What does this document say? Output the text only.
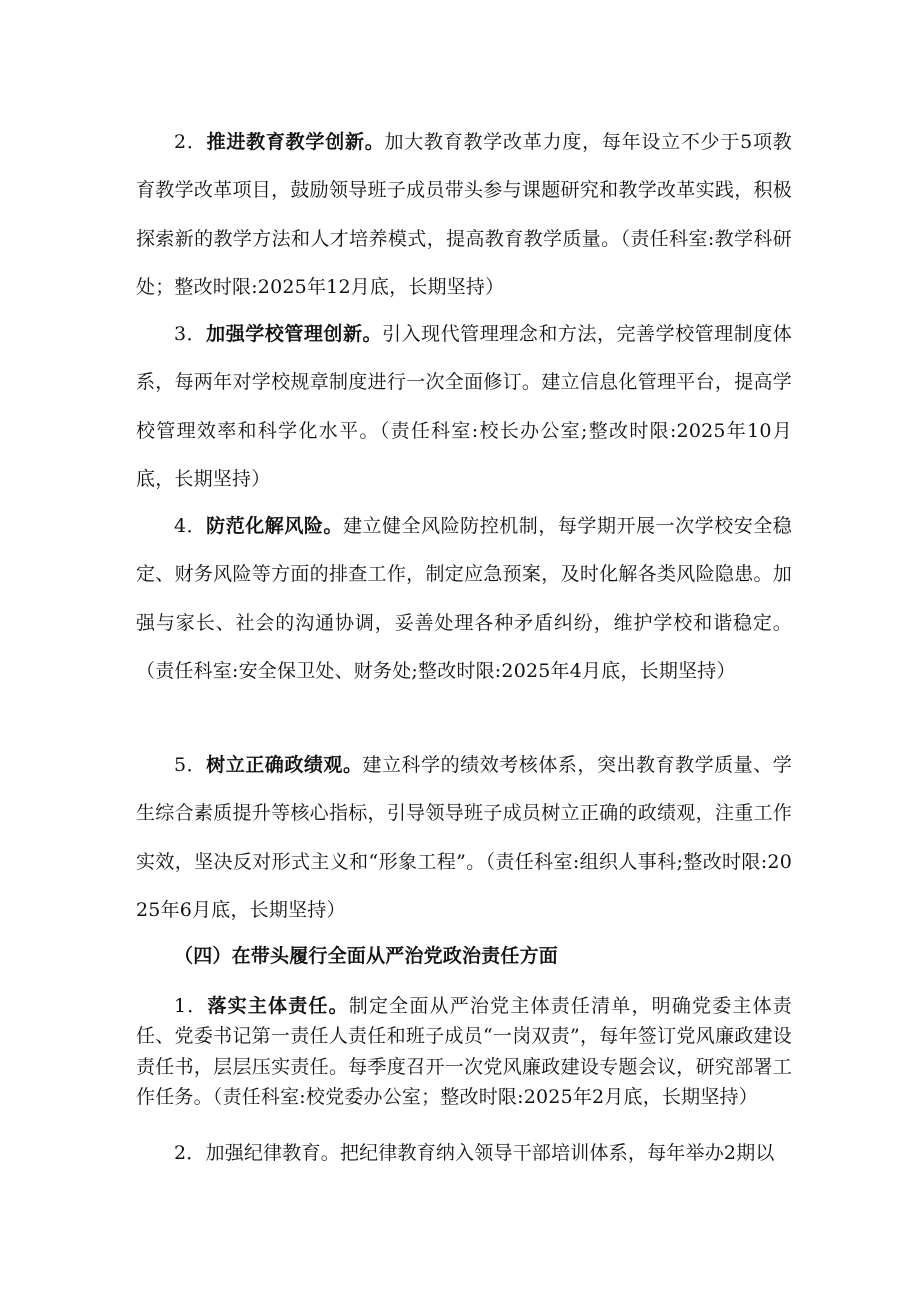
2．推进教育教学创新。加大教育教学改革力度，每年设立不少于5项教育教学改革项目，鼓励领导班子成员带头参与课题研究和教学改革实践，积极探索新的教学方法和人才培养模式，提高教育教学质量。（责任科室:教学科研处；整改时限:2025年12月底，长期坚持）

3．加强学校管理创新。引入现代管理理念和方法，完善学校管理制度体系，每两年对学校规章制度进行一次全面修订。建立信息化管理平台，提高学校管理效率和科学化水平。（责任科室:校长办公室;整改时限:2025年10月底，长期坚持）

4．防范化解风险。建立健全风险防控机制，每学期开展一次学校安全稳定、财务风险等方面的排查工作，制定应急预案，及时化解各类风险隐患。加强与家长、社会的沟通协调，妥善处理各种矛盾纠纷，维护学校和谐稳定。（责任科室:安全保卫处、财务处;整改时限:2025年4月底，长期坚持）

5．树立正确政绩观。建立科学的绩效考核体系，突出教育教学质量、学生综合素质提升等核心指标，引导领导班子成员树立正确的政绩观，注重工作实效，坚决反对形式主义和“形象工程”。（责任科室:组织人事科;整改时限:2025年6月底，长期坚持）

（四）在带头履行全面从严治党政治责任方面

1．落实主体责任。制定全面从严治党主体责任清单，明确党委主体责任、党委书记第一责任人责任和班子成员“一岗双责”，每年签订党风廉政建设责任书，层层压实责任。每季度召开一次党风廉政建设专题会议，研究部署工作任务。（责任科室:校党委办公室；整改时限:2025年2月底，长期坚持）

2．加强纪律教育。把纪律教育纳入领导干部培训体系，每年举办2期以
